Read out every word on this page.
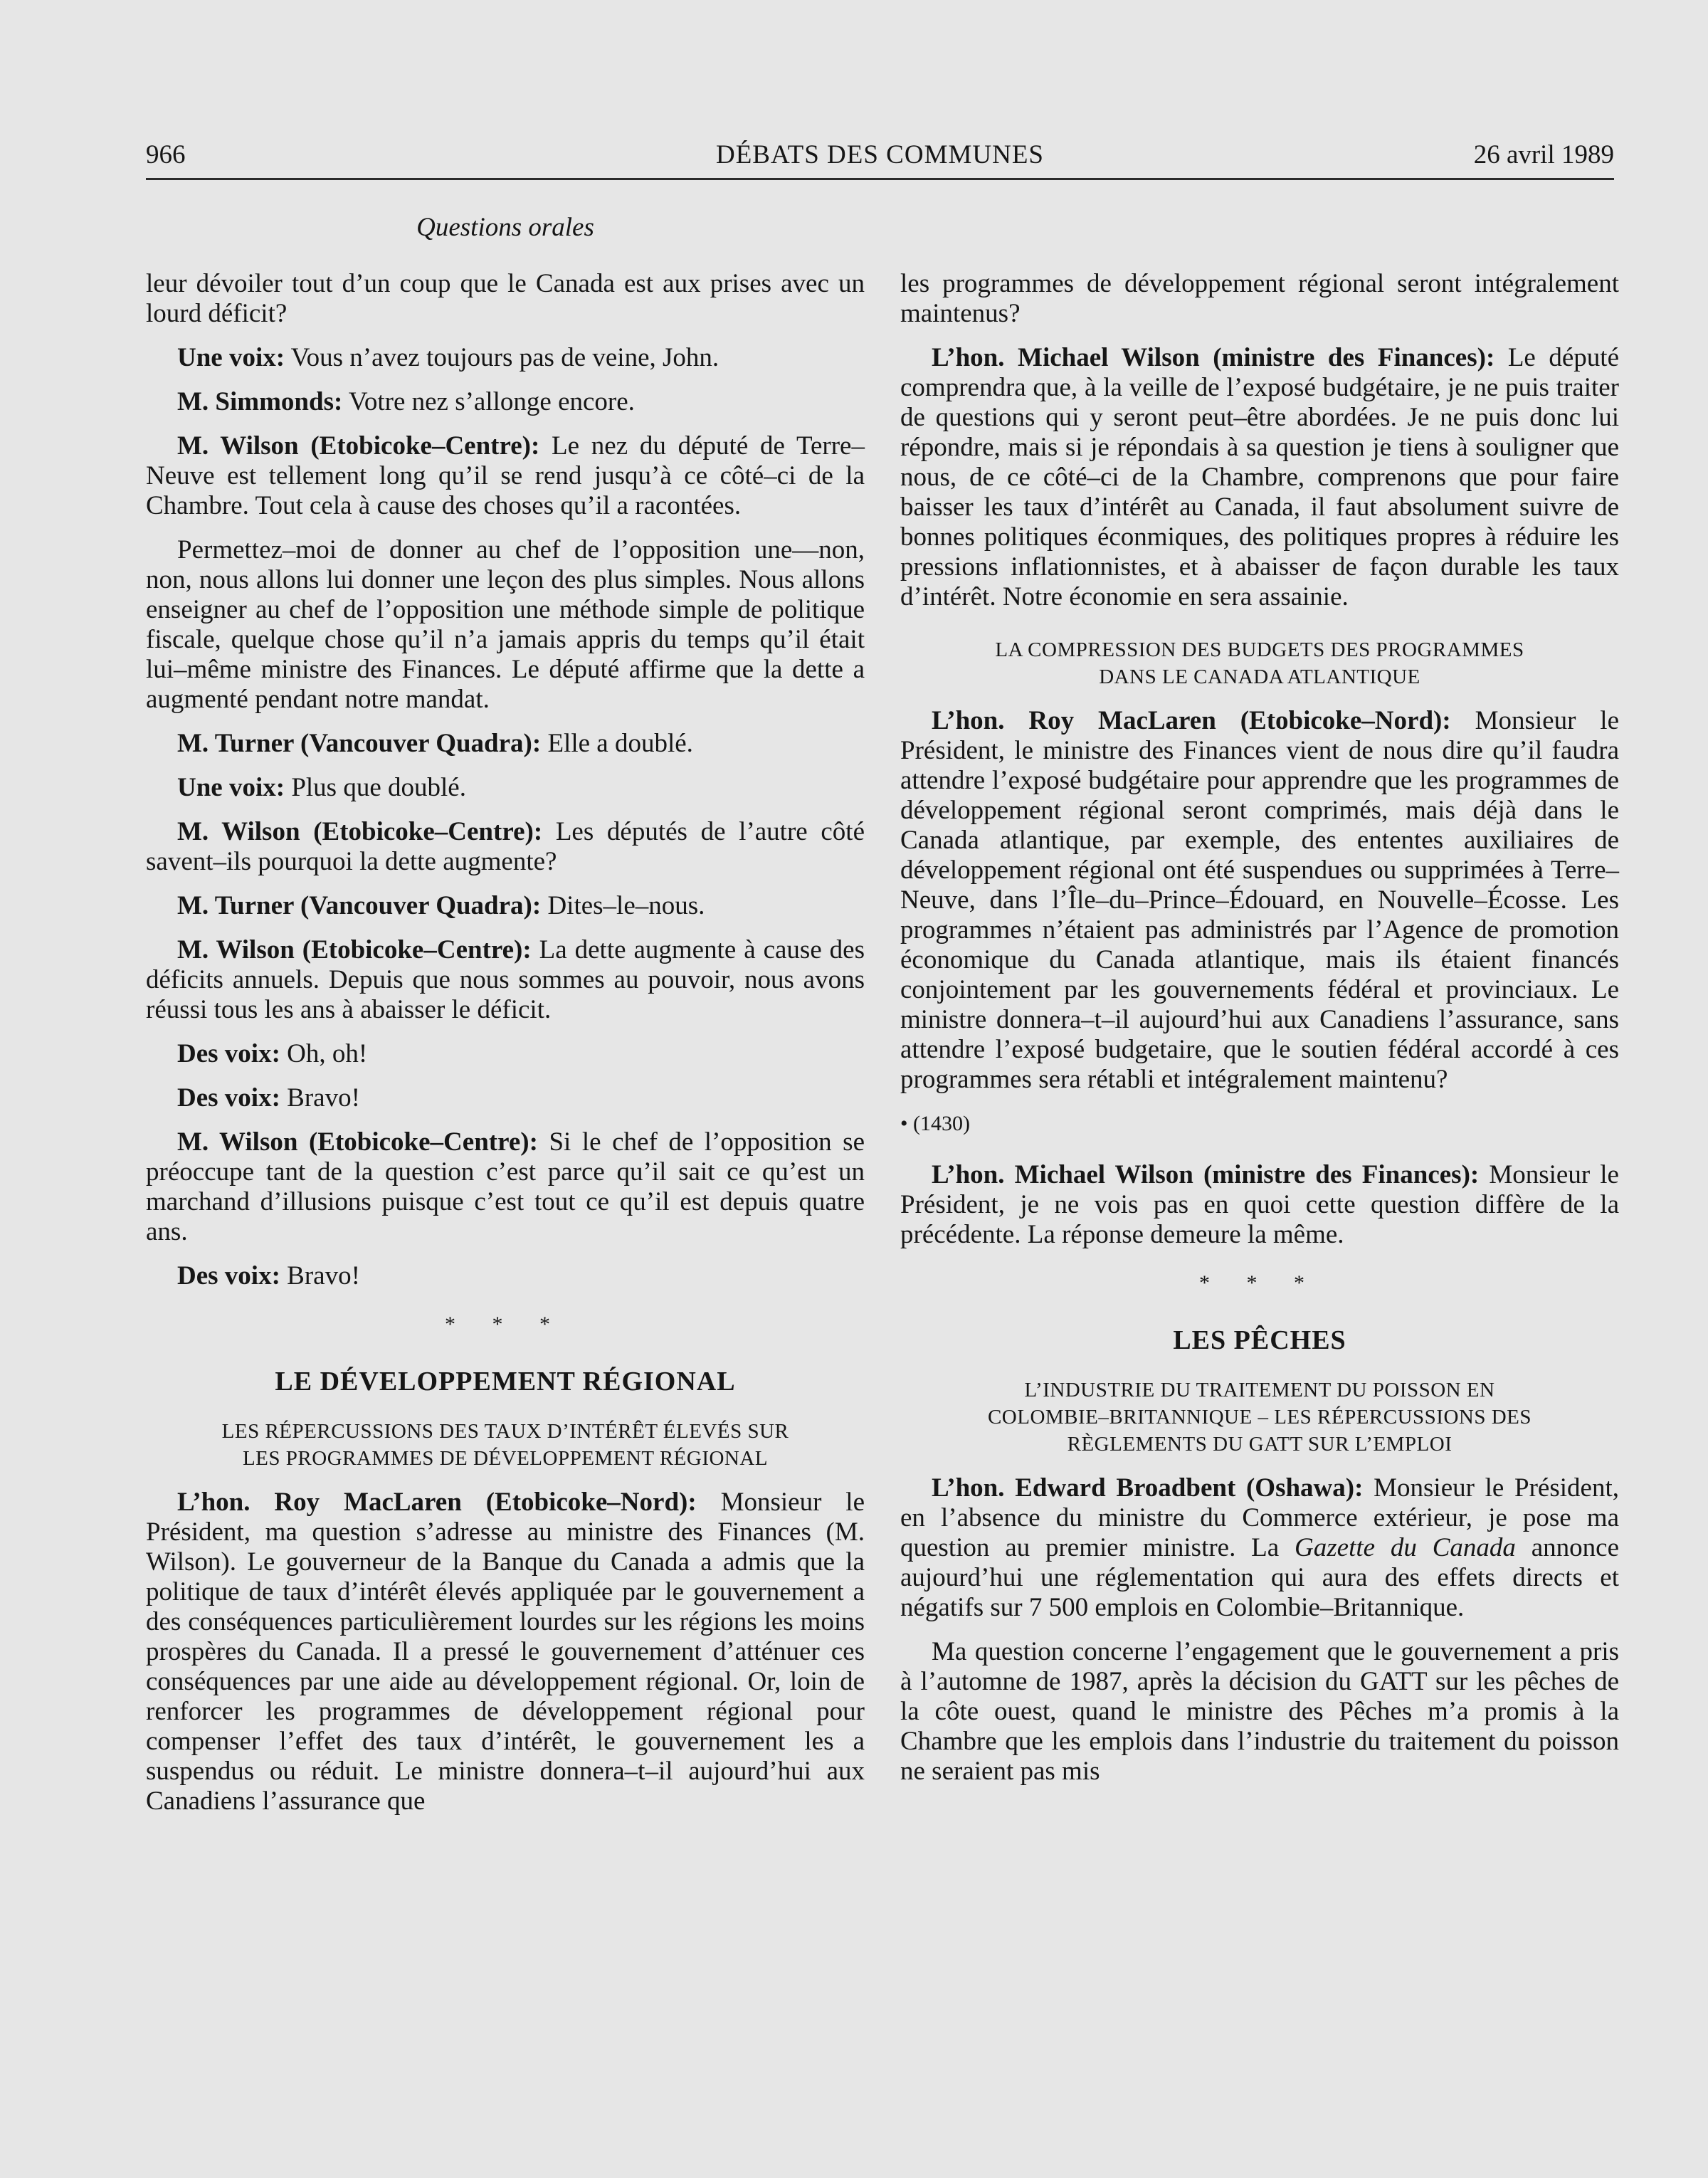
966	DÉBATS DES COMMUNES	26 avril 1989
Questions orales

leur dévoiler tout d’un coup que le Canada est aux prises avec un lourd déficit?

Une voix: Vous n’avez toujours pas de veine, John.

M. Simmonds: Votre nez s’allonge encore.

M. Wilson (Etobicoke–Centre): Le nez du député de Terre–Neuve est tellement long qu’il se rend jusqu’à ce côté–ci de la Chambre. Tout cela à cause des choses qu’il a racontées.

Permettez–moi de donner au chef de l’opposition une—non, non, nous allons lui donner une leçon des plus simples. Nous allons enseigner au chef de l’opposition une méthode simple de politique fiscale, quelque chose qu’il n’a jamais appris du temps qu’il était lui–même ministre des Finances. Le député affirme que la dette a augmenté pendant notre mandat.

M. Turner (Vancouver Quadra): Elle a doublé.

Une voix: Plus que doublé.

M. Wilson (Etobicoke–Centre): Les députés de l’autre côté savent–ils pourquoi la dette augmente?

M. Turner (Vancouver Quadra): Dites–le–nous.

M. Wilson (Etobicoke–Centre): La dette augmente à cause des déficits annuels. Depuis que nous sommes au pouvoir, nous avons réussi tous les ans à abaisser le déficit.

Des voix: Oh, oh!

Des voix: Bravo!

M. Wilson (Etobicoke–Centre): Si le chef de l’opposition se préoccupe tant de la question c’est parce qu’il sait ce qu’est un marchand d’illusions puisque c’est tout ce qu’il est depuis quatre ans.

Des voix: Bravo!

* * *
LE DÉVELOPPEMENT RÉGIONAL
LES RÉPERCUSSIONS DES TAUX D’INTÉRÊT ÉLEVÉS SUR
LES PROGRAMMES DE DÉVELOPPEMENT RÉGIONAL

L’hon. Roy MacLaren (Etobicoke–Nord): Monsieur le Président, ma question s’adresse au ministre des Finances (M. Wilson). Le gouverneur de la Banque du Canada a admis que la politique de taux d’intérêt élevés appliquée par le gouvernement a des conséquences particulièrement lourdes sur les régions les moins prospères du Canada. Il a pressé le gouvernement d’atténuer ces conséquences par une aide au développement régional. Or, loin de renforcer les programmes de développement régional pour compenser l’effet des taux d’intérêt, le gouvernement les a suspendus ou réduit. Le ministre donnera–t–il aujourd’hui aux Canadiens l’assurance que

les programmes de développement régional seront intégralement maintenus?

L’hon. Michael Wilson (ministre des Finances): Le député comprendra que, à la veille de l’exposé budgétaire, je ne puis traiter de questions qui y seront peut–être abordées. Je ne puis donc lui répondre, mais si je répondais à sa question je tiens à souligner que nous, de ce côté–ci de la Chambre, comprenons que pour faire baisser les taux d’intérêt au Canada, il faut absolument suivre de bonnes politiques éconmiques, des politiques propres à réduire les pressions inflationnistes, et à abaisser de façon durable les taux d’intérêt. Notre économie en sera assainie.

LA COMPRESSION DES BUDGETS DES PROGRAMMES
DANS LE CANADA ATLANTIQUE

L’hon. Roy MacLaren (Etobicoke–Nord): Monsieur le Président, le ministre des Finances vient de nous dire qu’il faudra attendre l’exposé budgétaire pour apprendre que les programmes de développement régional seront comprimés, mais déjà dans le Canada atlantique, par exemple, des ententes auxiliaires de développement régional ont été suspendues ou supprimées à Terre–Neuve, dans l’Île–du–Prince–Édouard, en Nouvelle–Écosse. Les programmes n’étaient pas administrés par l’Agence de promotion économique du Canada atlantique, mais ils étaient financés conjointement par les gouvernements fédéral et provinciaux. Le ministre donnera–t–il aujourd’hui aux Canadiens l’assurance, sans attendre l’exposé budgetaire, que le soutien fédéral accordé à ces programmes sera rétabli et intégralement maintenu?

• (1430)

L’hon. Michael Wilson (ministre des Finances): Monsieur le Président, je ne vois pas en quoi cette question diffère de la précédente. La réponse demeure la même.

* * *
LES PÊCHES
L’INDUSTRIE DU TRAITEMENT DU POISSON EN
COLOMBIE–BRITANNIQUE – LES RÉPERCUSSIONS DES
RÈGLEMENTS DU GATT SUR L’EMPLOI

L’hon. Edward Broadbent (Oshawa): Monsieur le Président, en l’absence du ministre du Commerce extérieur, je pose ma question au premier ministre. La Gazette du Canada annonce aujourd’hui une réglementation qui aura des effets directs et négatifs sur 7 500 emplois en Colombie–Britannique.

Ma question concerne l’engagement que le gouvernement a pris à l’automne de 1987, après la décision du GATT sur les pêches de la côte ouest, quand le ministre des Pêches m’a promis à la Chambre que les emplois dans l’industrie du traitement du poisson ne seraient pas mis
